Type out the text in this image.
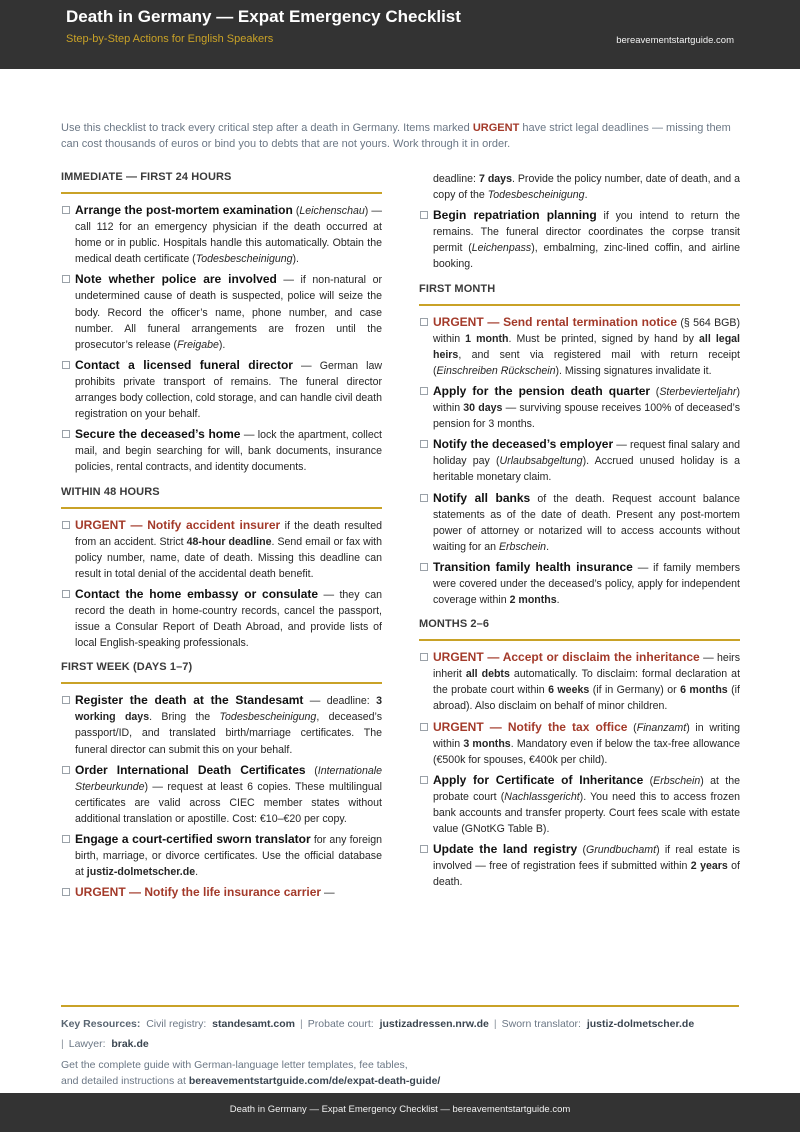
Death in Germany — Expat Emergency Checklist
Step-by-Step Actions for English Speakers	bereavementstartguide.com
Use this checklist to track every critical step after a death in Germany. Items marked URGENT have strict legal deadlines — missing them can cost thousands of euros or bind you to debts that are not yours. Work through it in order.
IMMEDIATE — FIRST 24 HOURS
Arrange the post-mortem examination (Leichenschau) — call 112 for an emergency physician if the death occurred at home or in public. Hospitals handle this automatically. Obtain the medical death certificate (Todesbescheinigung).
Note whether police are involved — if non-natural or undetermined cause of death is suspected, police will seize the body. Record the officer’s name, phone number, and case number. All funeral arrangements are frozen until the prosecutor’s release (Freigabe).
Contact a licensed funeral director — German law prohibits private transport of remains. The funeral director arranges body collection, cold storage, and can handle civil death registration on your behalf.
Secure the deceased’s home — lock the apartment, collect mail, and begin searching for will, bank documents, insurance policies, rental contracts, and identity documents.
WITHIN 48 HOURS
URGENT — Notify accident insurer if the death resulted from an accident. Strict 48-hour deadline. Send email or fax with policy number, name, date of death. Missing this deadline can result in total denial of the accidental death benefit.
Contact the home embassy or consulate — they can record the death in home-country records, cancel the passport, issue a Consular Report of Death Abroad, and provide lists of local English-speaking professionals.
FIRST WEEK (DAYS 1–7)
Register the death at the Standesamt — deadline: 3 working days. Bring the Todesbescheinigung, deceased’s passport/ID, and translated birth/marriage certificates. The funeral director can submit this on your behalf.
Order International Death Certificates (Internationale Sterbeurkunde) — request at least 6 copies. These multilingual certificates are valid across CIEC member states without additional translation or apostille. Cost: €10–€20 per copy.
Engage a court-certified sworn translator for any foreign birth, marriage, or divorce certificates. Use the official database at justiz-dolmetscher.de.
URGENT — Notify the life insurance carrier —
deadline: 7 days. Provide the policy number, date of death, and a copy of the Todesbescheinigung.
Begin repatriation planning if you intend to return the remains. The funeral director coordinates the corpse transit permit (Leichenpass), embalming, zinc-lined coffin, and airline booking.
FIRST MONTH
URGENT — Send rental termination notice (§ 564 BGB) within 1 month. Must be printed, signed by hand by all legal heirs, and sent via registered mail with return receipt (Einschreiben Rückschein). Missing signatures invalidate it.
Apply for the pension death quarter (Sterbevierteljahr) within 30 days — surviving spouse receives 100% of deceased’s pension for 3 months.
Notify the deceased’s employer — request final salary and holiday pay (Urlaubsabgeltung). Accrued unused holiday is a heritable monetary claim.
Notify all banks of the death. Request account balance statements as of the date of death. Present any post-mortem power of attorney or notarized will to access accounts without waiting for an Erbschein.
Transition family health insurance — if family members were covered under the deceased’s policy, apply for independent coverage within 2 months.
MONTHS 2–6
URGENT — Accept or disclaim the inheritance — heirs inherit all debts automatically. To disclaim: formal declaration at the probate court within 6 weeks (if in Germany) or 6 months (if abroad). Also disclaim on behalf of minor children.
URGENT — Notify the tax office (Finanzamt) in writing within 3 months. Mandatory even if below the tax-free allowance (€500k for spouses, €400k per child).
Apply for Certificate of Inheritance (Erbschein) at the probate court (Nachlassgericht). You need this to access frozen bank accounts and transfer property. Court fees scale with estate value (GNotKG Table B).
Update the land registry (Grundbuchamt) if real estate is involved — free of registration fees if submitted within 2 years of death.
Key Resources: Civil registry: standesamt.com | Probate court: justizadressen.nrw.de | Sworn translator: justiz-dolmetscher.de
| Lawyer: brak.de
Get the complete guide with German-language letter templates, fee tables,
and detailed instructions at bereavementstartguide.com/de/expat-death-guide/
Death in Germany — Expat Emergency Checklist — bereavementstartguide.com
